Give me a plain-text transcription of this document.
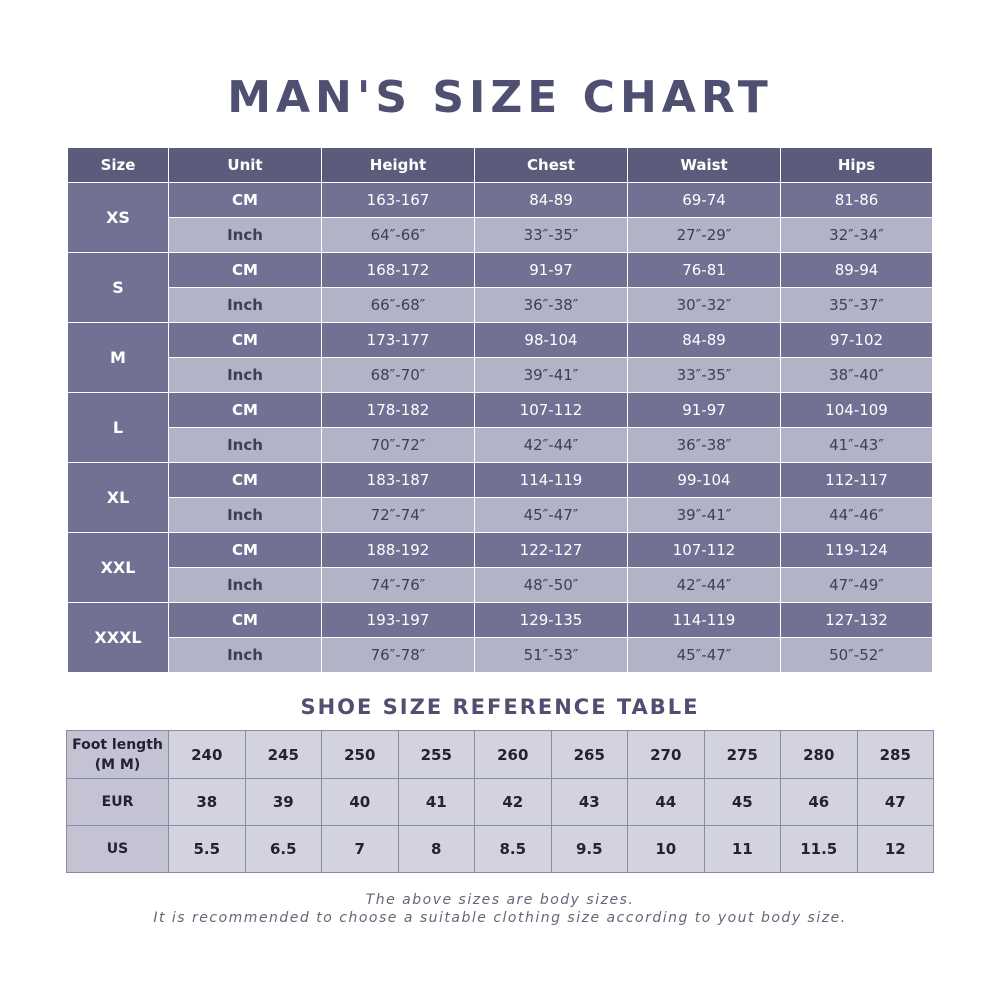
MAN'S SIZE CHART
Size	Unit	Height	Chest	Waist	Hips
XS	CM	163-167	84-89	69-74	81-86
	Inch	64″-66″	33″-35″	27″-29″	32″-34″
S	CM	168-172	91-97	76-81	89-94
	Inch	66″-68″	36″-38″	30″-32″	35″-37″
M	CM	173-177	98-104	84-89	97-102
	Inch	68″-70″	39″-41″	33″-35″	38″-40″
L	CM	178-182	107-112	91-97	104-109
	Inch	70″-72″	42″-44″	36″-38″	41″-43″
XL	CM	183-187	114-119	99-104	112-117
	Inch	72″-74″	45″-47″	39″-41″	44″-46″
XXL	CM	188-192	122-127	107-112	119-124
	Inch	74″-76″	48″-50″	42″-44″	47″-49″
XXXL	CM	193-197	129-135	114-119	127-132
	Inch	76″-78″	51″-53″	45″-47″	50″-52″
SHOE SIZE REFERENCE TABLE
Foot length
(M M)	240	245	250	255	260	265	270	275	280	285
EUR	38	39	40	41	42	43	44	45	46	47
US	5.5	6.5	7	8	8.5	9.5	10	11	11.5	12
The above sizes are body sizes.
It is recommended to choose a suitable clothing size according to yout body size.
